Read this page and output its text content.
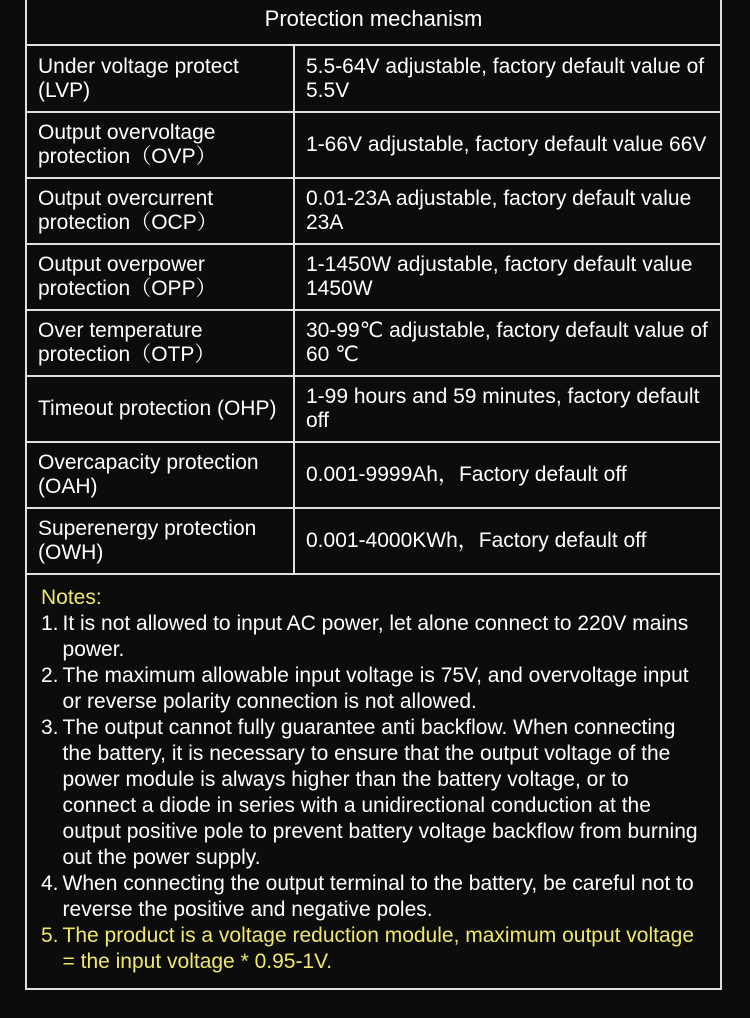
Protection mechanism
Under voltage protect (LVP)	5.5-64V adjustable, factory default value of 5.5V
Output overvoltage protection（OVP）	1-66V adjustable, factory default value 66V
Output overcurrent protection（OCP）	0.01-23A adjustable, factory default value 23A
Output overpower protection（OPP）	1-1450W adjustable, factory default value 1450W
Over temperature protection（OTP）	30-99℃ adjustable, factory default value of 60 ℃
Timeout protection (OHP)	1-99 hours and 59 minutes, factory default off
Overcapacity protection (OAH)	0.001-9999Ah，Factory default off
Superenergy protection (OWH)	0.001-4000KWh，Factory default off
Notes:
1. It is not allowed to input AC power, let alone connect to 220V mains power.
2. The maximum allowable input voltage is 75V, and overvoltage input or reverse polarity connection is not allowed.
3. The output cannot fully guarantee anti backflow. When connecting the battery, it is necessary to ensure that the output voltage of the power module is always higher than the battery voltage, or to connect a diode in series with a unidirectional conduction at the output positive pole to prevent battery voltage backflow from burning out the power supply.
4. When connecting the output terminal to the battery, be careful not to reverse the positive and negative poles.
5. The product is a voltage reduction module, maximum output voltage = the input voltage * 0.95-1V.
